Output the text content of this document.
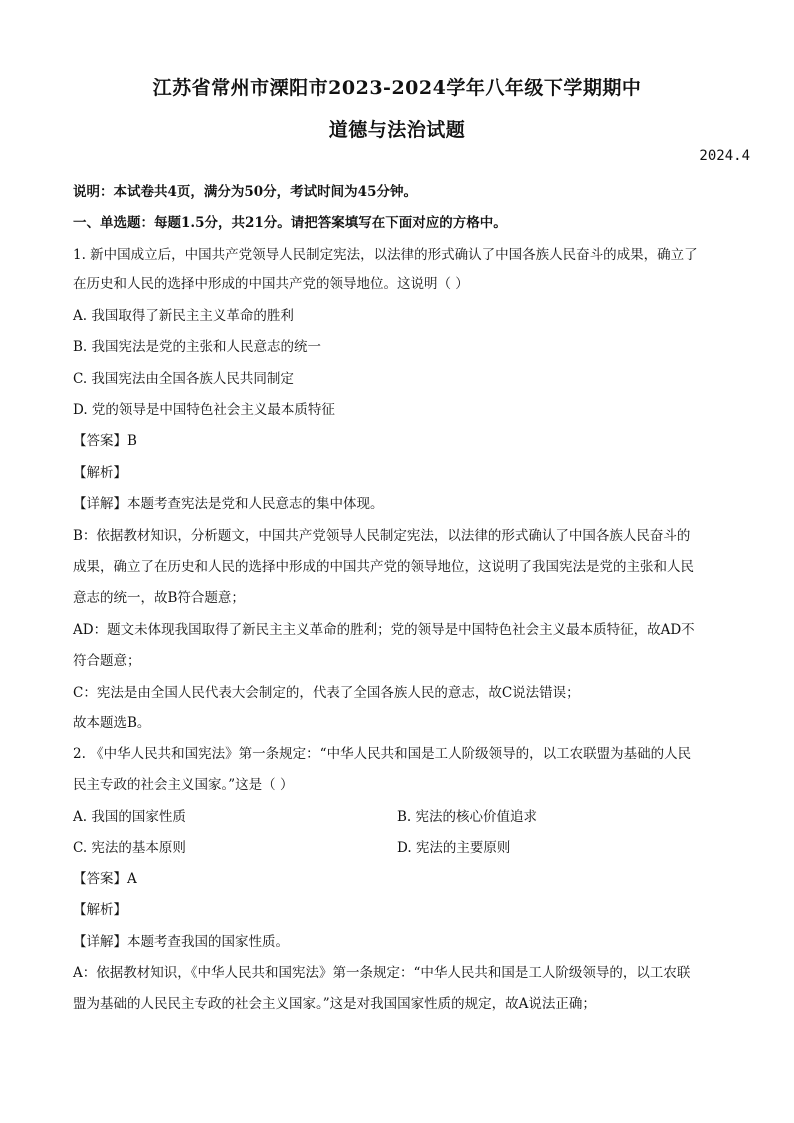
江苏省常州市溧阳市2023-2024学年八年级下学期期中
道德与法治试题
2024.4
说明：本试卷共4页，满分为50分，考试时间为45分钟。
一、单选题：每题1.5分，共21分。请把答案填写在下面对应的方格中。
1. 新中国成立后，中国共产党领导人民制定宪法，以法律的形式确认了中国各族人民奋斗的成果，确立了
在历史和人民的选择中形成的中国共产党的领导地位。这说明（ ）
A. 我国取得了新民主主义革命的胜利
B. 我国宪法是党的主张和人民意志的统一
C. 我国宪法由全国各族人民共同制定
D. 党的领导是中国特色社会主义最本质特征
【答案】B
【解析】
【详解】本题考查宪法是党和人民意志的集中体现。
B：依据教材知识，分析题文，中国共产党领导人民制定宪法，以法律的形式确认了中国各族人民奋斗的
成果，确立了在历史和人民的选择中形成的中国共产党的领导地位，这说明了我国宪法是党的主张和人民
意志的统一，故B符合题意；
AD：题文未体现我国取得了新民主主义革命的胜利；党的领导是中国特色社会主义最本质特征，故AD不
符合题意；
C：宪法是由全国人民代表大会制定的，代表了全国各族人民的意志，故C说法错误；
故本题选B。
2. 《中华人民共和国宪法》第一条规定：“中华人民共和国是工人阶级领导的，以工农联盟为基础的人民
民主专政的社会主义国家。”这是（ ）
A. 我国的国家性质	B. 宪法的核心价值追求
C. 宪法的基本原则	D. 宪法的主要原则
【答案】A
【解析】
【详解】本题考查我国的国家性质。
A：依据教材知识，《中华人民共和国宪法》第一条规定：“中华人民共和国是工人阶级领导的，以工农联
盟为基础的人民民主专政的社会主义国家。”这是对我国国家性质的规定，故A说法正确；
